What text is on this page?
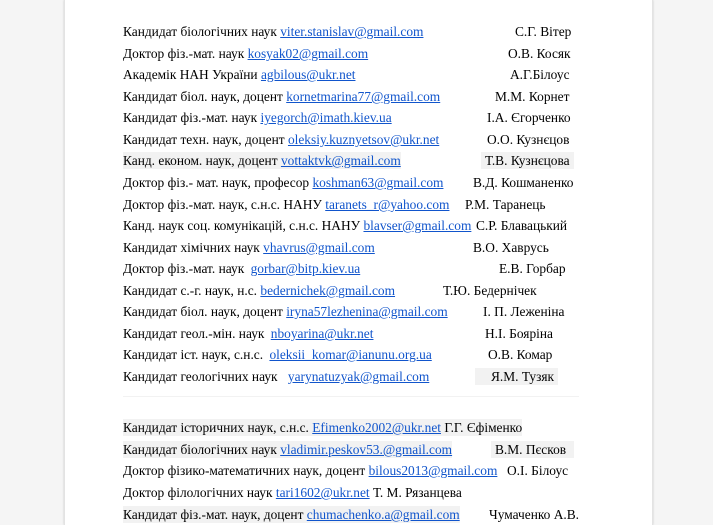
Кандидат біологічних наук viter.stanislav@gmail.com	С.Г. Вітер
Доктор фіз.-мат. наук kosyak02@gmail.com	О.В. Косяк
Академік НАН України agbilous@ukr.net	А.Г.Білоус
Кандидат біол. наук, доцент kornetmarina77@gmail.com	М.М. Корнет
Кандидат фіз.-мат. наук iyegorch@imath.kiev.ua	І.А. Єгорченко
Кандидат техн. наук, доцент oleksiy.kuznyetsov@ukr.net	О.О. Кузнєцов
Канд. економ. наук, доцент vottaktvk@gmail.com	Т.В. Кузнєцова
Доктор фіз.- мат. наук, професор koshman63@gmail.com В.Д. Кошманенко
Доктор фіз.-мат. наук, с.н.с. НАНУ taranets_r@yahoo.com Р.М. Таранець
Канд. наук соц. комунікацій, с.н.с. НАНУ blavser@gmail.com С.Р. Блавацький
Кандидат хімічних наук vhavrus@gmail.com	В.О. Хаврусь
Доктор фіз.-мат. наук gorbar@bitp.kiev.ua	Е.В. Горбар
Кандидат с.-г. наук, н.с. bedernichek@gmail.com	Т.Ю. Бедернічек
Кандидат біол. наук, доцент iryna57lezhenina@gmail.com	І. П. Леженіна
Кандидат геол.-мін. наук nboyarina@ukr.net	Н.І. Бояріна
Кандидат іст. наук, с.н.с. oleksii_komar@ianunu.org.ua	О.В. Комар
Кандидат геологічних наук yarynatuzyak@gmail.com	Я.М. Тузяк
Кандидат історичних наук, с.н.с. Efimenko2002@ukr.net Г.Г. Єфіменко
Кандидат біологічних наук vladimir.peskov53.@gmail.com	В.М. Пєсков
Доктор фізико-математичних наук, доцент bilous2013@gmail.com О.І. Білоус
Доктор філологічних наук tari1602@ukr.net Т. М. Рязанцева
Кандидат фіз.-мат. наук, доцент chumachenko.a@gmail.com Чумаченко А.В.
